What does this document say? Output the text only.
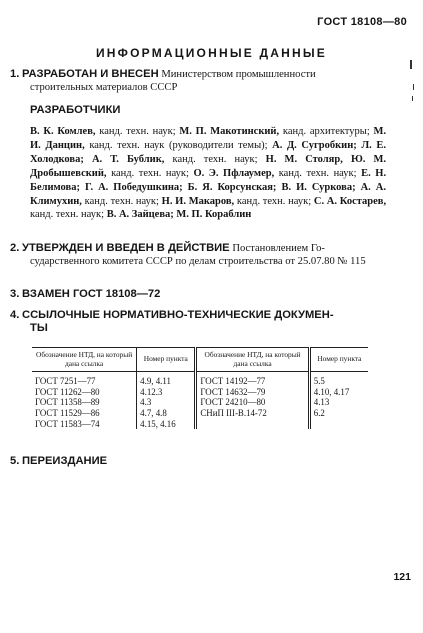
ГОСТ 18108—80
ИНФОРМАЦИОННЫЕ ДАННЫЕ
1. РАЗРАБОТАН И ВНЕСЕН Министерством промышленности
строительных материалов СССР
РАЗРАБОТЧИКИ
В. К. Комлев, канд. техн. наук; М. П. Макотинский, канд. архитектуры; М. И. Данцин, канд. техн. наук (руководители темы); А. Д. Сугробкин; Л. Е. Холодкова; А. Т. Бублик, канд. техн. наук; Н. М. Столяр, Ю. М. Дробышевский, канд. техн. наук; О. Э. Пфлаумер, канд. техн. наук; Е. Н. Белимова; Г. А. Победушкина; Б. Я. Корсунская; В. И. Суркова; А. А. Климухин, канд. техн. наук; Н. И. Макаров, канд. техн. наук; С. А. Костарев, канд. техн. наук; В. А. Зайцева; М. П. Кораблин
2. УТВЕРЖДЕН И ВВЕДЕН В ДЕЙСТВИЕ Постановлением Го-
сударственного комитета СССР по делам строительства от 25.07.80 № 115
3. ВЗАМЕН ГОСТ 18108—72
4. ССЫЛОЧНЫЕ НОРМАТИВНО-ТЕХНИЧЕСКИЕ ДОКУМЕН-
ТЫ
Обозначение НТД, на который дана ссылка	Номер пункта	Обозначение НТД, на который дана ссылка	Номер пункта
ГОСТ 7251—77	4.9, 4.11	ГОСТ 14192—77	5.5
ГОСТ 11262—80	4.12.3	ГОСТ 14632—79	4.10, 4.17
ГОСТ 11358—89	4.3	ГОСТ 24210—80	4.13
ГОСТ 11529—86	4.7, 4.8	СНиП III-В.14-72	6.2
ГОСТ 11583—74	4.15, 4.16		
5. ПЕРЕИЗДАНИЕ
121
